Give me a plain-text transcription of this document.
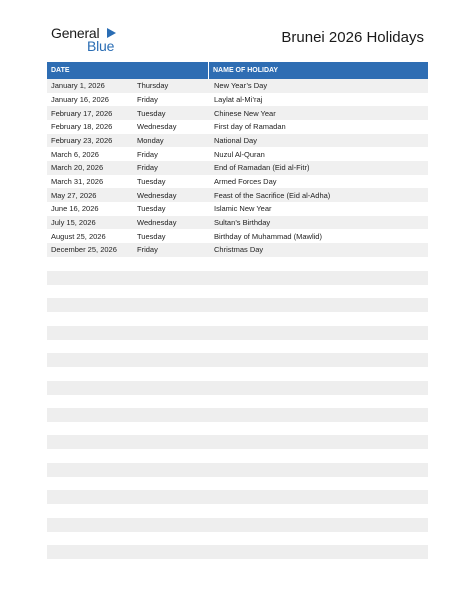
General
Blue	Brunei 2026 Holidays
DATE	NAME OF HOLIDAY
January 1, 2026	Thursday	New Year’s Day
January 16, 2026	Friday	Laylat al-Mi’raj
February 17, 2026	Tuesday	Chinese New Year
February 18, 2026	Wednesday	First day of Ramadan
February 23, 2026	Monday	National Day
March 6, 2026	Friday	Nuzul Al-Quran
March 20, 2026	Friday	End of Ramadan (Eid al-Fitr)
March 31, 2026	Tuesday	Armed Forces Day
May 27, 2026	Wednesday	Feast of the Sacrifice (Eid al-Adha)
June 16, 2026	Tuesday	Islamic New Year
July 15, 2026	Wednesday	Sultan’s Birthday
August 25, 2026	Tuesday	Birthday of Muhammad (Mawlid)
December 25, 2026	Friday	Christmas Day
